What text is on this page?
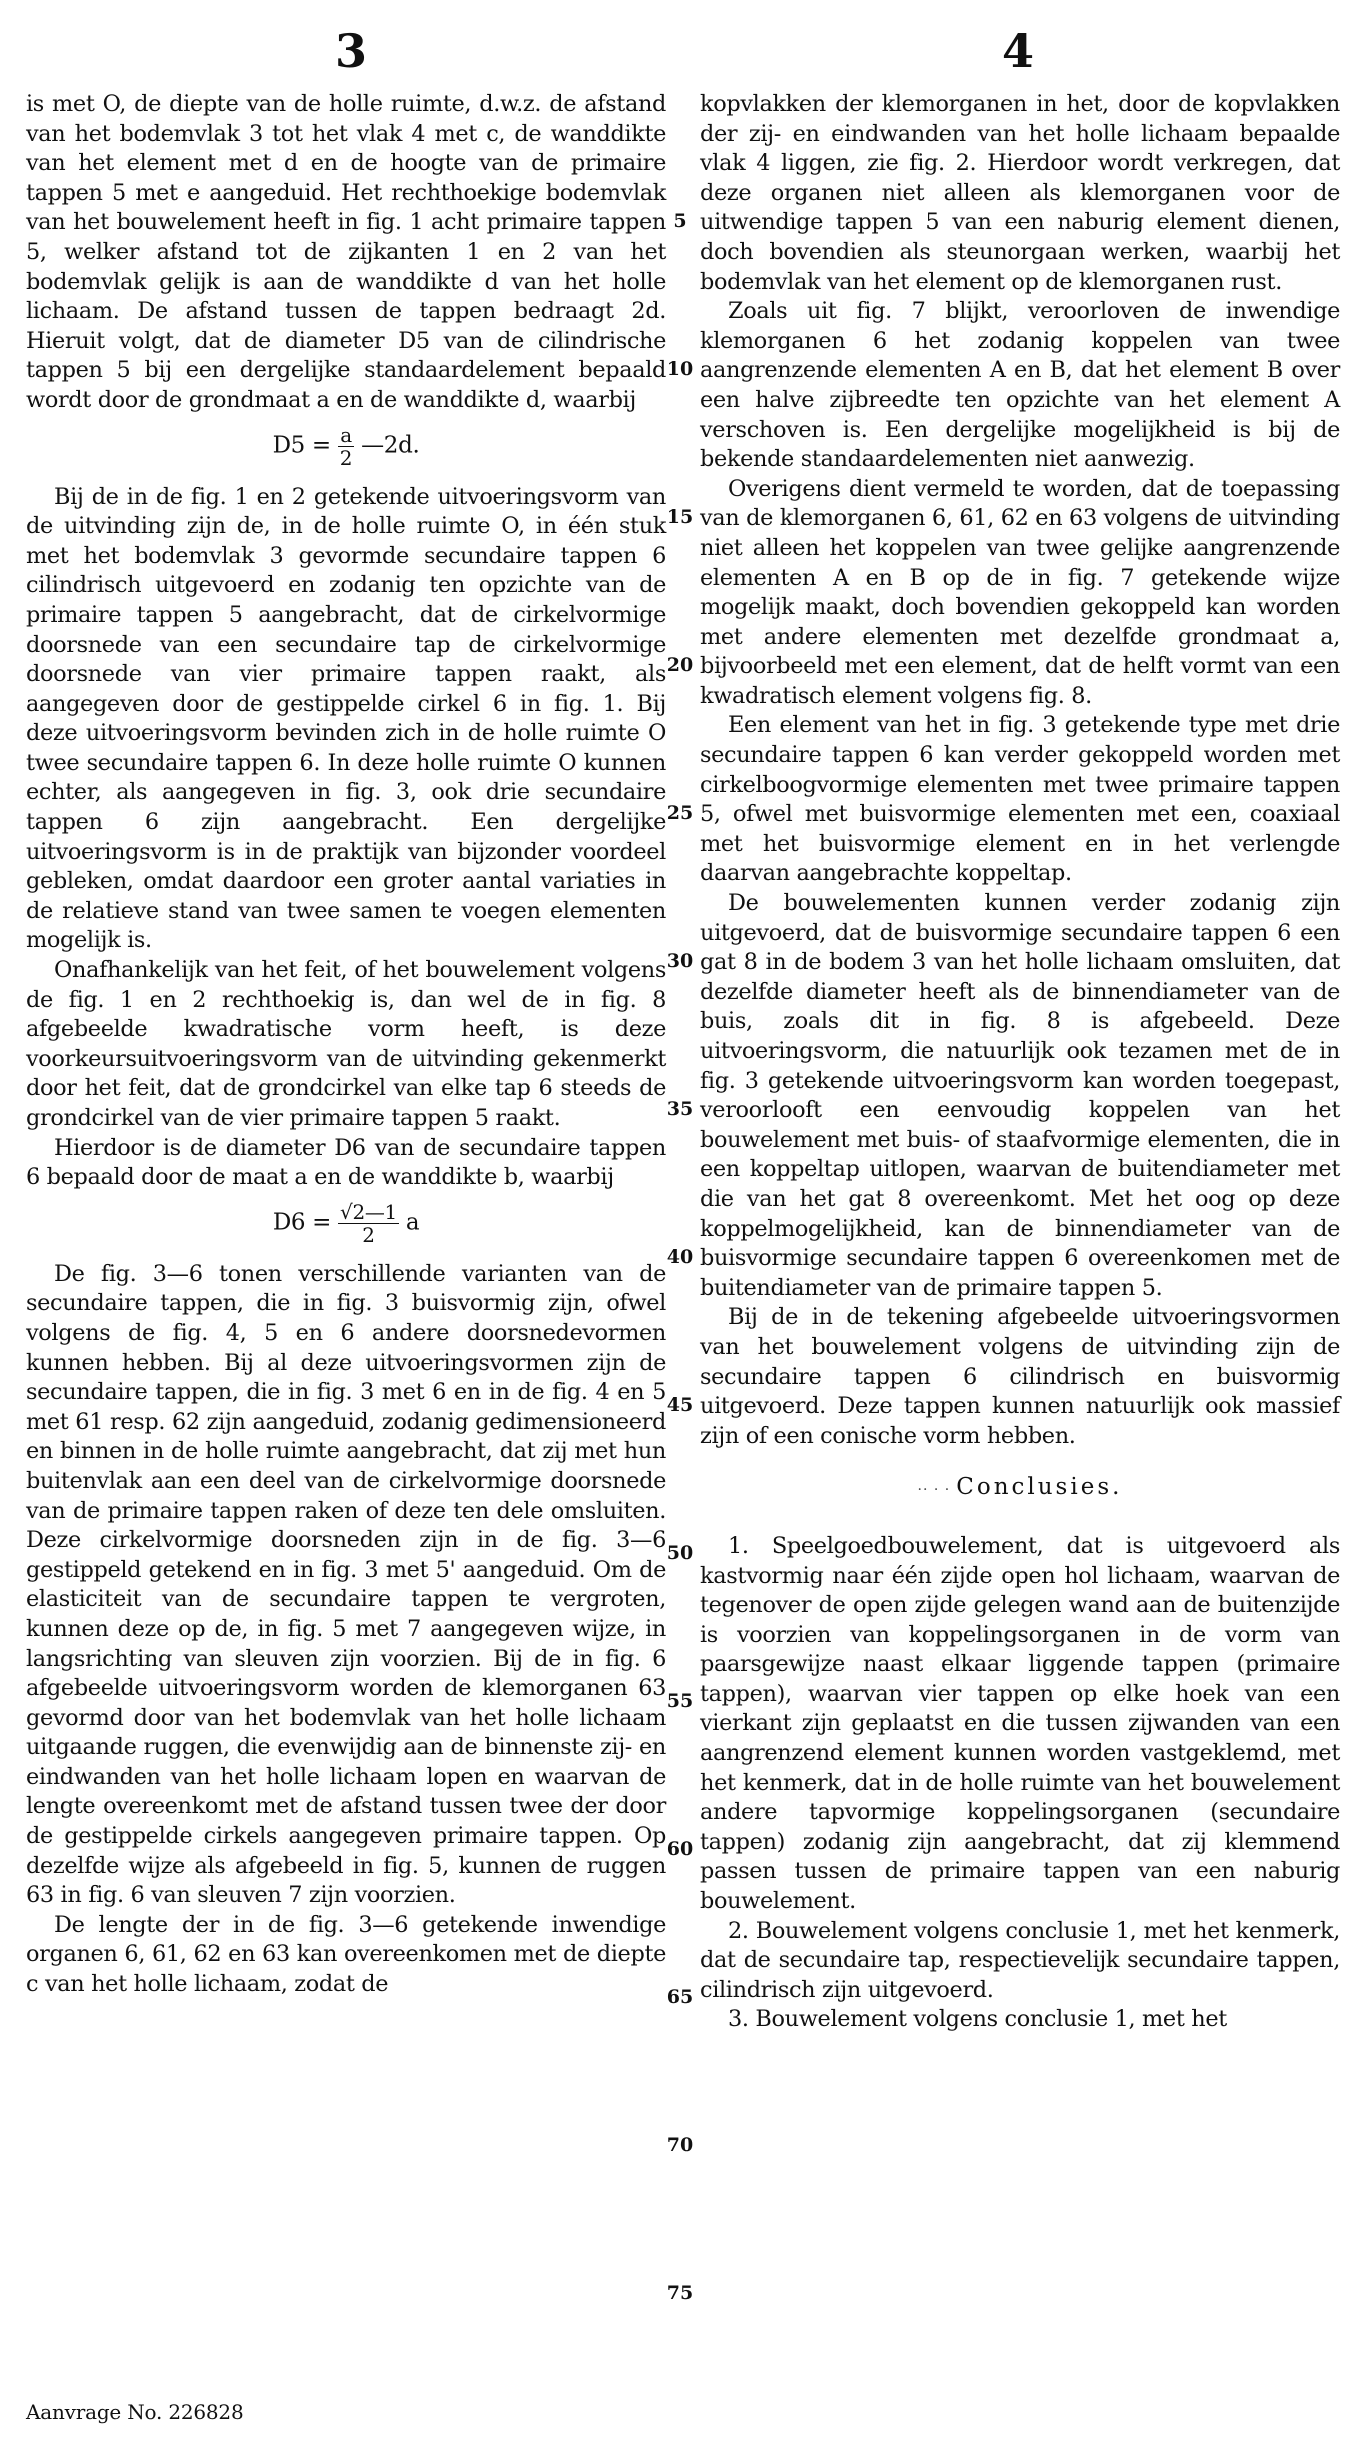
3	4

is met O, de diepte van de holle ruimte, d.w.z. de afstand van het bodemvlak 3 tot het vlak 4 met c, de wanddikte van het element met d en de hoogte van de primaire tappen 5 met e aangeduid. Het rechthoekige bodemvlak van het bouwelement heeft in fig. 1 acht primaire tappen 5, welker afstand tot de zijkanten 1 en 2 van het bodemvlak gelijk is aan de wanddikte d van het holle lichaam. De afstand tussen de tappen bedraagt 2d. Hieruit volgt, dat de diameter D5 van de cilindrische tappen 5 bij een dergelijke standaardelement bepaald wordt door de grondmaat a en de wanddikte d, waarbij

$D5 = \frac{a}{2}$ —2d.

Bij de in de fig. 1 en 2 getekende uitvoeringsvorm van de uitvinding zijn de, in de holle ruimte O, in één stuk met het bodemvlak 3 gevormde secundaire tappen 6 cilindrisch uitgevoerd en zodanig ten opzichte van de primaire tappen 5 aangebracht, dat de cirkelvormige doorsnede van een secundaire tap de cirkelvormige doorsnede van vier primaire tappen raakt, als aangegeven door de gestippelde cirkel 6 in fig. 1. Bij deze uitvoeringsvorm bevinden zich in de holle ruimte O twee secundaire tappen 6. In deze holle ruimte O kunnen echter, als aangegeven in fig. 3, ook drie secundaire tappen 6 zijn aangebracht. Een dergelijke uitvoeringsvorm is in de praktijk van bijzonder voordeel gebleken, omdat daardoor een groter aantal variaties in de relatieve stand van twee samen te voegen elementen mogelijk is.

Onafhankelijk van het feit, of het bouwelement volgens de fig. 1 en 2 rechthoekig is, dan wel de in fig. 8 afgebeelde kwadratische vorm heeft, is deze voorkeursuitvoeringsvorm van de uitvinding gekenmerkt door het feit, dat de grondcirkel van elke tap 6 steeds de grondcirkel van de vier primaire tappen 5 raakt.

Hierdoor is de diameter D6 van de secundaire tappen 6 bepaald door de maat a en de wanddikte b, waarbij

$D6 = \frac{√2—1}{2}$ a

De fig. 3—6 tonen verschillende varianten van de secundaire tappen, die in fig. 3 buisvormig zijn, ofwel volgens de fig. 4, 5 en 6 andere doorsnedevormen kunnen hebben. Bij al deze uitvoeringsvormen zijn de secundaire tappen, die in fig. 3 met 6 en in de fig. 4 en 5 met 61 resp. 62 zijn aangeduid, zodanig gedimensioneerd en binnen in de holle ruimte aangebracht, dat zij met hun buitenvlak aan een deel van de cirkelvormige doorsnede van de primaire tappen raken of deze ten dele omsluiten. Deze cirkelvormige doorsneden zijn in de fig. 3—6 gestippeld getekend en in fig. 3 met 5' aangeduid. Om de elasticiteit van de secundaire tappen te vergroten, kunnen deze op de, in fig. 5 met 7 aangegeven wijze, in langsrichting van sleuven zijn voorzien. Bij de in fig. 6 afgebeelde uitvoeringsvorm worden de klemorganen 63 gevormd door van het bodemvlak van het holle lichaam uitgaande ruggen, die evenwijdig aan de binnenste zij- en eindwanden van het holle lichaam lopen en waarvan de lengte overeenkomt met de afstand tussen twee der door de gestippelde cirkels aangegeven primaire tappen. Op dezelfde wijze als afgebeeld in fig. 5, kunnen de ruggen 63 in fig. 6 van sleuven 7 zijn voorzien.

De lengte der in de fig. 3—6 getekende inwendige organen 6, 61, 62 en 63 kan overeenkomen met de diepte c van het holle lichaam, zodat de

5
10
15
20
25
30
35
40
45
50
55
60
65
70
75

kopvlakken der klemorganen in het, door de kopvlakken der zij- en eindwanden van het holle lichaam bepaalde vlak 4 liggen, zie fig. 2. Hierdoor wordt verkregen, dat deze organen niet alleen als klemorganen voor de uitwendige tappen 5 van een naburig element dienen, doch bovendien als steunorgaan werken, waarbij het bodemvlak van het element op de klemorganen rust.

Zoals uit fig. 7 blijkt, veroorloven de inwendige klemorganen 6 het zodanig koppelen van twee aangrenzende elementen A en B, dat het element B over een halve zijbreedte ten opzichte van het element A verschoven is. Een dergelijke mogelijkheid is bij de bekende standaardelementen niet aanwezig.

Overigens dient vermeld te worden, dat de toepassing van de klemorganen 6, 61, 62 en 63 volgens de uitvinding niet alleen het koppelen van twee gelijke aangrenzende elementen A en B op de in fig. 7 getekende wijze mogelijk maakt, doch bovendien gekoppeld kan worden met andere elementen met dezelfde grondmaat a, bijvoorbeeld met een element, dat de helft vormt van een kwadratisch element volgens fig. 8.

Een element van het in fig. 3 getekende type met drie secundaire tappen 6 kan verder gekoppeld worden met cirkelboogvormige elementen met twee primaire tappen 5, ofwel met buisvormige elementen met een, coaxiaal met het buisvormige element en in het verlengde daarvan aangebrachte koppeltap.

De bouwelementen kunnen verder zodanig zijn uitgevoerd, dat de buisvormige secundaire tappen 6 een gat 8 in de bodem 3 van het holle lichaam omsluiten, dat dezelfde diameter heeft als de binnendiameter van de buis, zoals dit in fig. 8 is afgebeeld. Deze uitvoeringsvorm, die natuurlijk ook tezamen met de in fig. 3 getekende uitvoeringsvorm kan worden toegepast, veroorlooft een eenvoudig koppelen van het bouwelement met buis- of staafvormige elementen, die in een koppeltap uitlopen, waarvan de buitendiameter met die van het gat 8 overeenkomt. Met het oog op deze koppelmogelijkheid, kan de binnendiameter van de buisvormige secundaire tappen 6 overeenkomen met de buitendiameter van de primaire tappen 5.

Bij de in de tekening afgebeelde uitvoeringsvormen van het bouwelement volgens de uitvinding zijn de secundaire tappen 6 cilindrisch en buisvormig uitgevoerd. Deze tappen kunnen natuurlijk ook massief zijn of een conische vorm hebben.

·· · · Conclusies.

1. Speelgoedbouwelement, dat is uitgevoerd als kastvormig naar één zijde open hol lichaam, waarvan de tegenover de open zijde gelegen wand aan de buitenzijde is voorzien van koppelingsorganen in de vorm van paarsgewijze naast elkaar liggende tappen (primaire tappen), waarvan vier tappen op elke hoek van een vierkant zijn geplaatst en die tussen zijwanden van een aangrenzend element kunnen worden vastgeklemd, met het kenmerk, dat in de holle ruimte van het bouwelement andere tapvormige koppelingsorganen (secundaire tappen) zodanig zijn aangebracht, dat zij klemmend passen tussen de primaire tappen van een naburig bouwelement.

2. Bouwelement volgens conclusie 1, met het kenmerk, dat de secundaire tap, respectievelijk secundaire tappen, cilindrisch zijn uitgevoerd.

3. Bouwelement volgens conclusie 1, met het

Aanvrage No. 226828
